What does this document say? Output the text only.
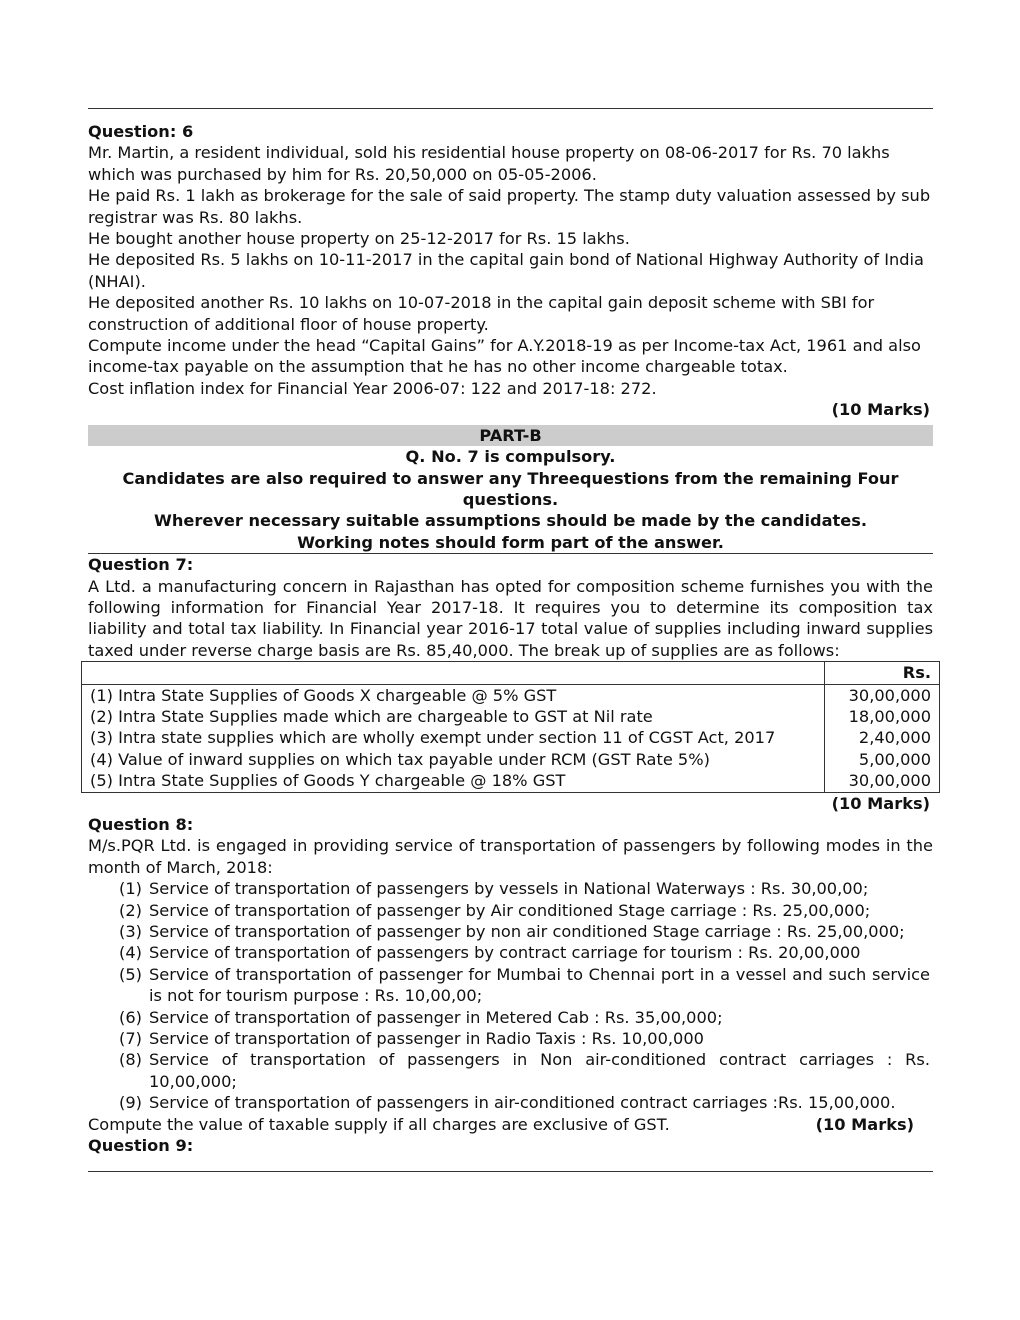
Question: 6

Mr. Martin, a resident individual, sold his residential house property on 08-06-2017 for Rs. 70 lakhs which was purchased by him for Rs. 20,50,000 on 05-05-2006.

He paid Rs. 1 lakh as brokerage for the sale of said property. The stamp duty valuation assessed by sub registrar was Rs. 80 lakhs.

He bought another house property on 25-12-2017 for Rs. 15 lakhs.

He deposited Rs. 5 lakhs on 10-11-2017 in the capital gain bond of National Highway Authority of India (NHAI).

He deposited another Rs. 10 lakhs on 10-07-2018 in the capital gain deposit scheme with SBI for construction of additional floor of house property.

Compute income under the head “Capital Gains” for A.Y.2018-19 as per Income-tax Act, 1961 and also income-tax payable on the assumption that he has no other income chargeable totax.

Cost inflation index for Financial Year 2006-07: 122 and 2017-18: 272.

(10 Marks)

PART-B

Q. No. 7 is compulsory.

Candidates are also required to answer any Threequestions from the remaining Four questions.

Wherever necessary suitable assumptions should be made by the candidates.

Working notes should form part of the answer.

Question 7:

A Ltd. a manufacturing concern in Rajasthan has opted for composition scheme furnishes you with the following information for Financial Year 2017-18. It requires you to determine its composition tax liability and total tax liability. In Financial year 2016-17 total value of supplies including inward supplies taxed under reverse charge basis are Rs. 85,40,000. The break up of supplies are as follows:

	Rs.
(1) Intra State Supplies of Goods X chargeable @ 5% GST	30,00,000
(2) Intra State Supplies made which are chargeable to GST at Nil rate	18,00,000
(3) Intra state supplies which are wholly exempt under section 11 of CGST Act, 2017	2,40,000
(4) Value of inward supplies on which tax payable under RCM (GST Rate 5%)	5,00,000
(5) Intra State Supplies of Goods Y chargeable @ 18% GST	30,00,000

(10 Marks)

Question 8:

M/s.PQR Ltd. is engaged in providing service of transportation of passengers by following modes in the month of March, 2018:

(1) Service of transportation of passengers by vessels in National Waterways : Rs. 30,00,00;
(2) Service of transportation of passenger by Air conditioned Stage carriage : Rs. 25,00,000;
(3) Service of transportation of passenger by non air conditioned Stage carriage : Rs. 25,00,000;
(4) Service of transportation of passengers by contract carriage for tourism : Rs. 20,00,000
(5) Service of transportation of passenger for Mumbai to Chennai port in a vessel and such service is not for tourism purpose : Rs. 10,00,00;
(6) Service of transportation of passenger in Metered Cab : Rs. 35,00,000;
(7) Service of transportation of passenger in Radio Taxis : Rs. 10,00,000
(8) Service of transportation of passengers in Non air-conditioned contract carriages : Rs. 10,00,000;
(9) Service of transportation of passengers in air-conditioned contract carriages :Rs. 15,00,000.
Compute the value of taxable supply if all charges are exclusive of GST.	(10 Marks)

Question 9:
